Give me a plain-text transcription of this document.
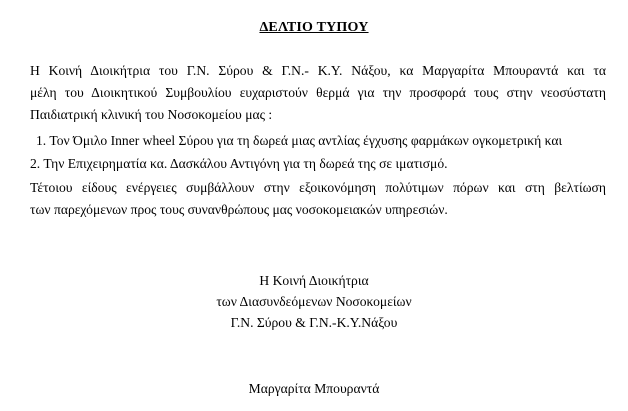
ΔΕΛΤΙΟ ΤΥΠΟΥ
Η Κοινή Διοικήτρια του Γ.Ν. Σύρου & Γ.Ν.- Κ.Υ. Νάξου, κα Μαργαρίτα Μπουραντά και τα
μέλη του Διοικητικού Συμβουλίου ευχαριστούν θερμά για την προσφορά τους στην νεοσύστατη
Παιδιατρική κλινική του Νοσοκομείου μας :
1. Τον Όμιλο Inner wheel Σύρου για τη δωρεά μιας αντλίας έγχυσης φαρμάκων ογκομετρική και
2. Την Επιχειρηματία κα. Δασκάλου Αντιγόνη για τη δωρεά της σε ιματισμό.
Τέτοιου είδους ενέργειες συμβάλλουν στην εξοικονόμηση πολύτιμων πόρων και στη βελτίωση
των παρεχόμενων προς τους συνανθρώπους μας νοσοκομειακών υπηρεσιών.
Η Κοινή Διοικήτρια
των Διασυνδεόμενων Νοσοκομείων
Γ.Ν. Σύρου & Γ.Ν.-Κ.Υ.Νάξου
Μαργαρίτα Μπουραντά
